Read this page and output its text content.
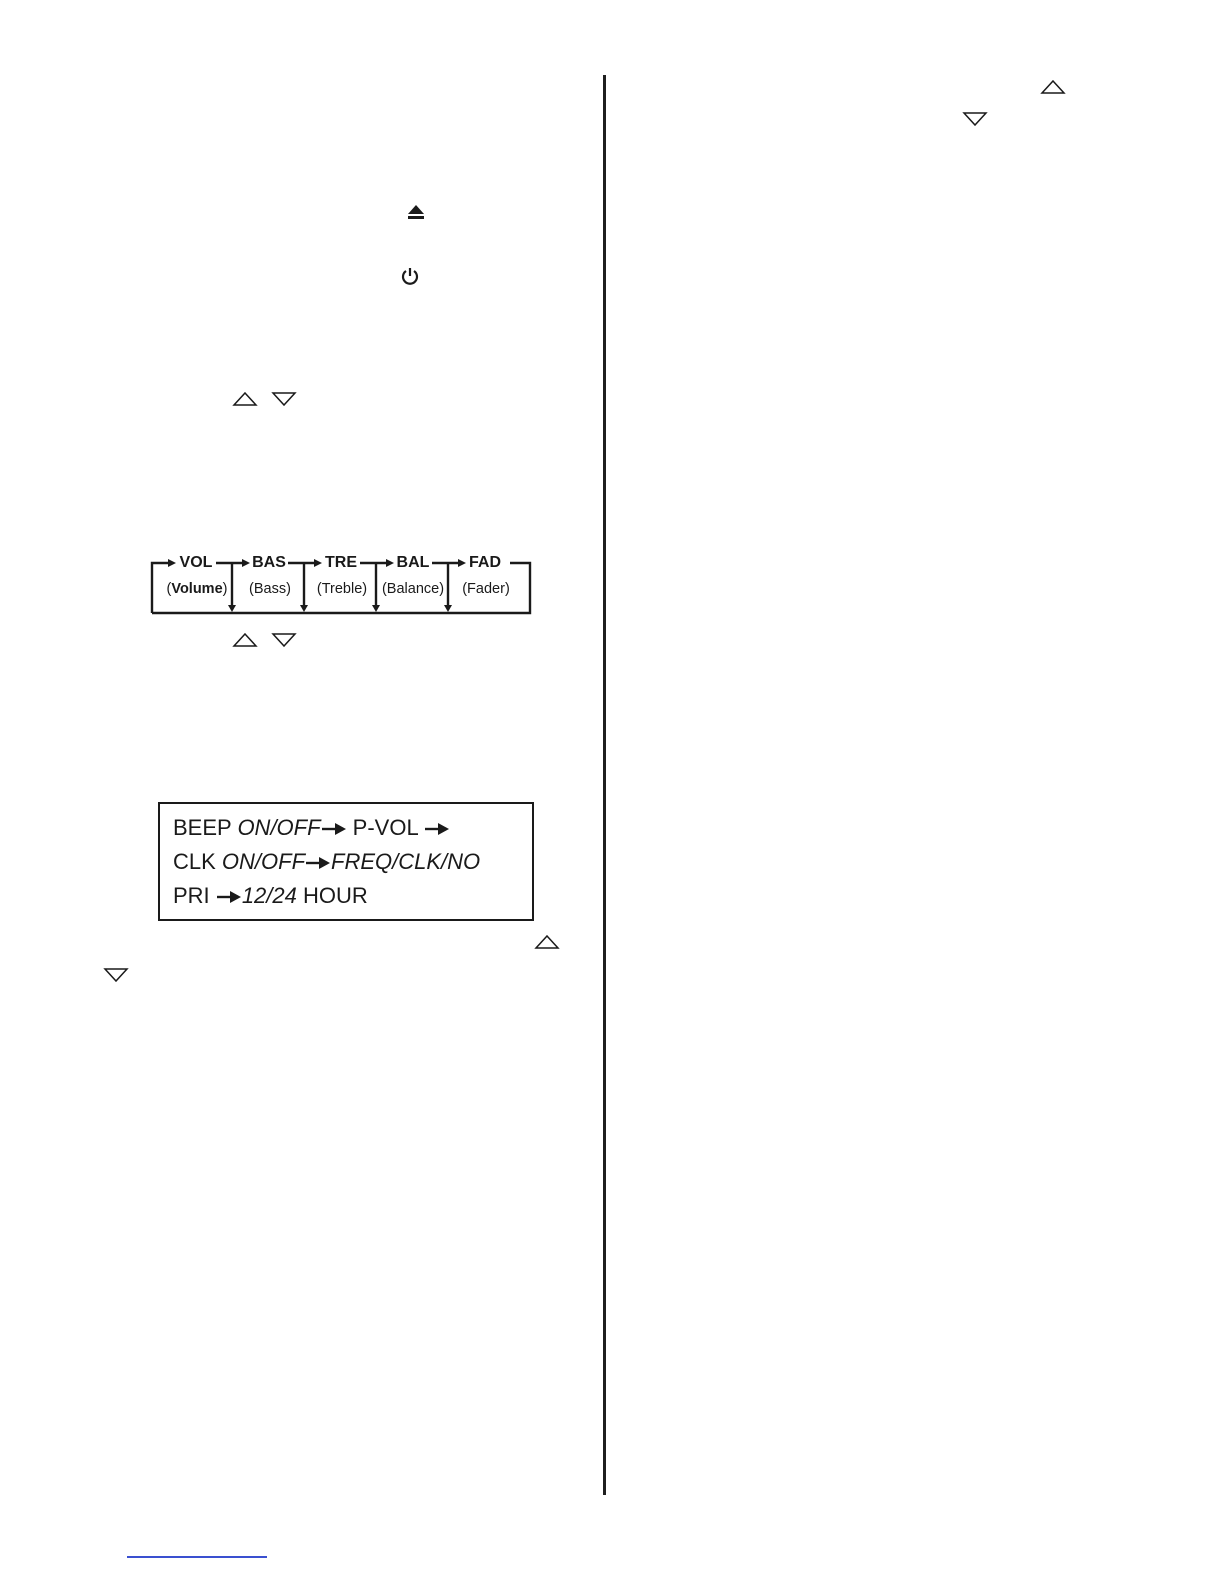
VOL	BAS	TRE	BAL	FAD
(Volume)	(Bass)	(Treble)	(Balance)	(Fader)
BEEP ON/OFF P-VOL
CLK ON/OFF FREQ/CLK/NO
PRI 12/24 HOUR
